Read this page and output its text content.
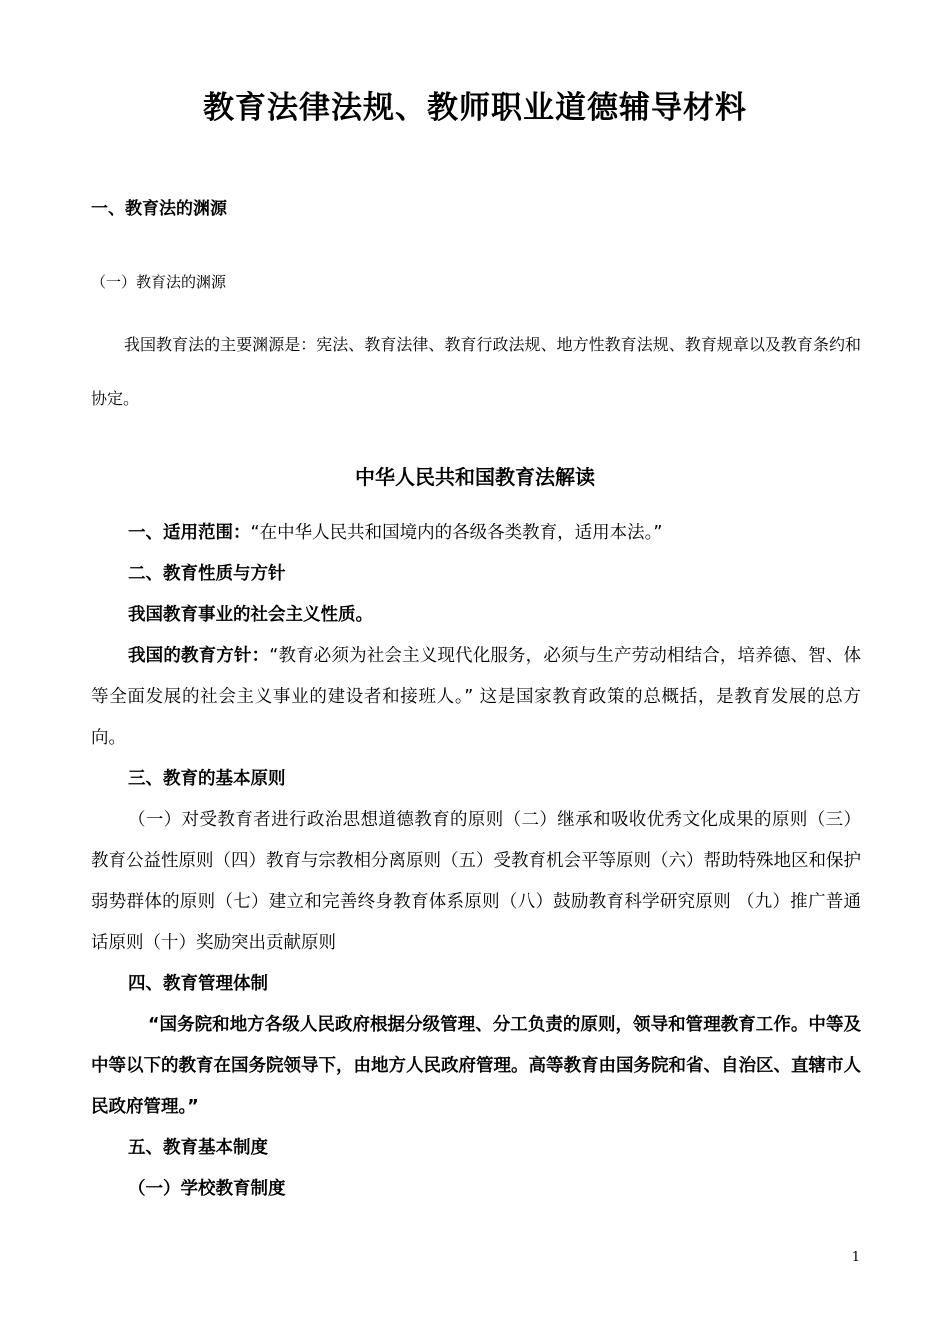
教育法律法规、教师职业道德辅导材料

一、教育法的渊源

（一）教育法的渊源

我国教育法的主要渊源是：宪法、教育法律、教育行政法规、地方性教育法规、教育规章以及教育条约和协定。

中华人民共和国教育法解读

一、适用范围：“在中华人民共和国境内的各级各类教育，适用本法。”

二、教育性质与方针

我国教育事业的社会主义性质。

我国的教育方针：“教育必须为社会主义现代化服务，必须与生产劳动相结合，培养德、智、体等全面发展的社会主义事业的建设者和接班人。” 这是国家教育政策的总概括，是教育发展的总方向。

三、教育的基本原则

（一）对受教育者进行政治思想道德教育的原则（二）继承和吸收优秀文化成果的原则（三）教育公益性原则（四）教育与宗教相分离原则（五）受教育机会平等原则（六）帮助特殊地区和保护弱势群体的原则（七）建立和完善终身教育体系原则（八）鼓励教育科学研究原则 （九）推广普通话原则（十）奖励突出贡献原则

四、教育管理体制

“国务院和地方各级人民政府根据分级管理、分工负责的原则，领导和管理教育工作。中等及中等以下的教育在国务院领导下，由地方人民政府管理。高等教育由国务院和省、自治区、直辖市人民政府管理。”

五、教育基本制度

（一）学校教育制度

1
